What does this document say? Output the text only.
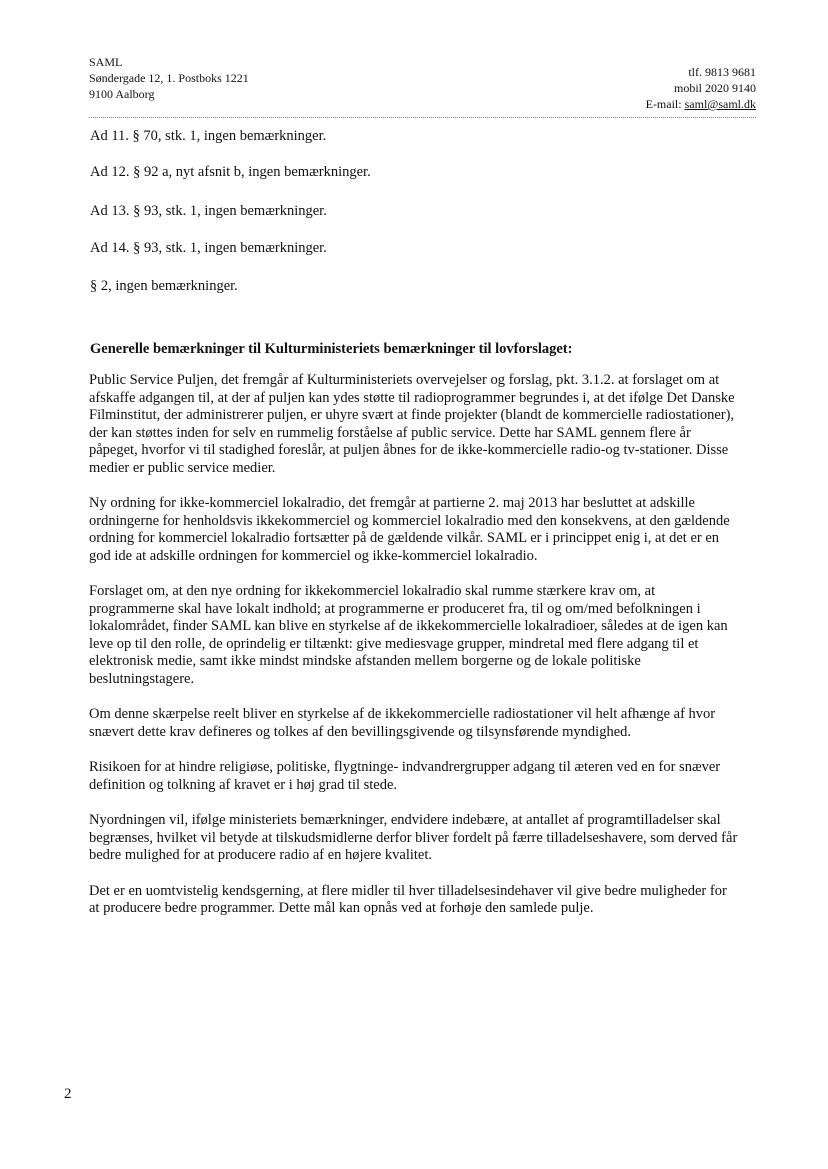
SAML
Søndergade 12, 1. Postboks 1221
9100 Aalborg
tlf. 9813 9681
mobil 2020 9140
E-mail: saml@saml.dk
Ad 11. § 70, stk. 1, ingen bemærkninger.
Ad 12. § 92 a, nyt afsnit b, ingen bemærkninger.
Ad 13. § 93, stk. 1, ingen bemærkninger.
Ad 14. § 93, stk. 1, ingen bemærkninger.
§ 2, ingen bemærkninger.
Generelle bemærkninger til Kulturministeriets bemærkninger til lovforslaget:

Public Service Puljen, det fremgår af Kulturministeriets overvejelser og forslag, pkt. 3.1.2. at forslaget om at afskaffe adgangen til, at der af puljen kan ydes støtte til radioprogrammer begrundes i, at det ifølge Det Danske Filminstitut, der administrerer puljen, er uhyre svært at finde projekter (blandt de kommercielle radiostationer), der kan støttes inden for selv en rummelig forståelse af public service. Dette har SAML gennem flere år påpeget, hvorfor vi til stadighed foreslår, at puljen åbnes for de ikke-kommercielle radio-og tv-stationer. Disse medier er public service medier.

Ny ordning for ikke-kommerciel lokalradio, det fremgår at partierne 2. maj 2013 har besluttet at adskille ordningerne for henholdsvis ikkekommerciel og kommerciel lokalradio med den konsekvens, at den gældende ordning for kommerciel lokalradio fortsætter på de gældende vilkår. SAML er i princippet enig i, at det er en god ide at adskille ordningen for kommerciel og ikke-kommerciel lokalradio.

Forslaget om, at den nye ordning for ikkekommerciel lokalradio skal rumme stærkere krav om, at programmerne skal have lokalt indhold; at programmerne er produceret fra, til og om/med befolkningen i lokalområdet, finder SAML kan blive en styrkelse af de ikkekommercielle lokalradioer, således at de igen kan leve op til den rolle, de oprindelig er tiltænkt: give mediesvage grupper, mindretal med flere adgang til et elektronisk medie, samt ikke mindst mindske afstanden mellem borgerne og de lokale politiske beslutningstagere.

Om denne skærpelse reelt bliver en styrkelse af de ikkekommercielle radiostationer vil helt afhænge af hvor snævert dette krav defineres og tolkes af den bevillingsgivende og tilsynsførende myndighed.

Risikoen for at hindre religiøse, politiske, flygtninge- indvandrergrupper adgang til æteren ved en for snæver definition og tolkning af kravet er i høj grad til stede.

Nyordningen vil, ifølge ministeriets bemærkninger, endvidere indebære, at antallet af programtilladelser skal begrænses, hvilket vil betyde at tilskudsmidlerne derfor bliver fordelt på færre tilladelseshavere, som derved får bedre mulighed for at producere radio af en højere kvalitet.

Det er en uomtvistelig kendsgerning, at flere midler til hver tilladelsesindehaver vil give bedre muligheder for at producere bedre programmer. Dette mål kan opnås ved at forhøje den samlede pulje.

2
